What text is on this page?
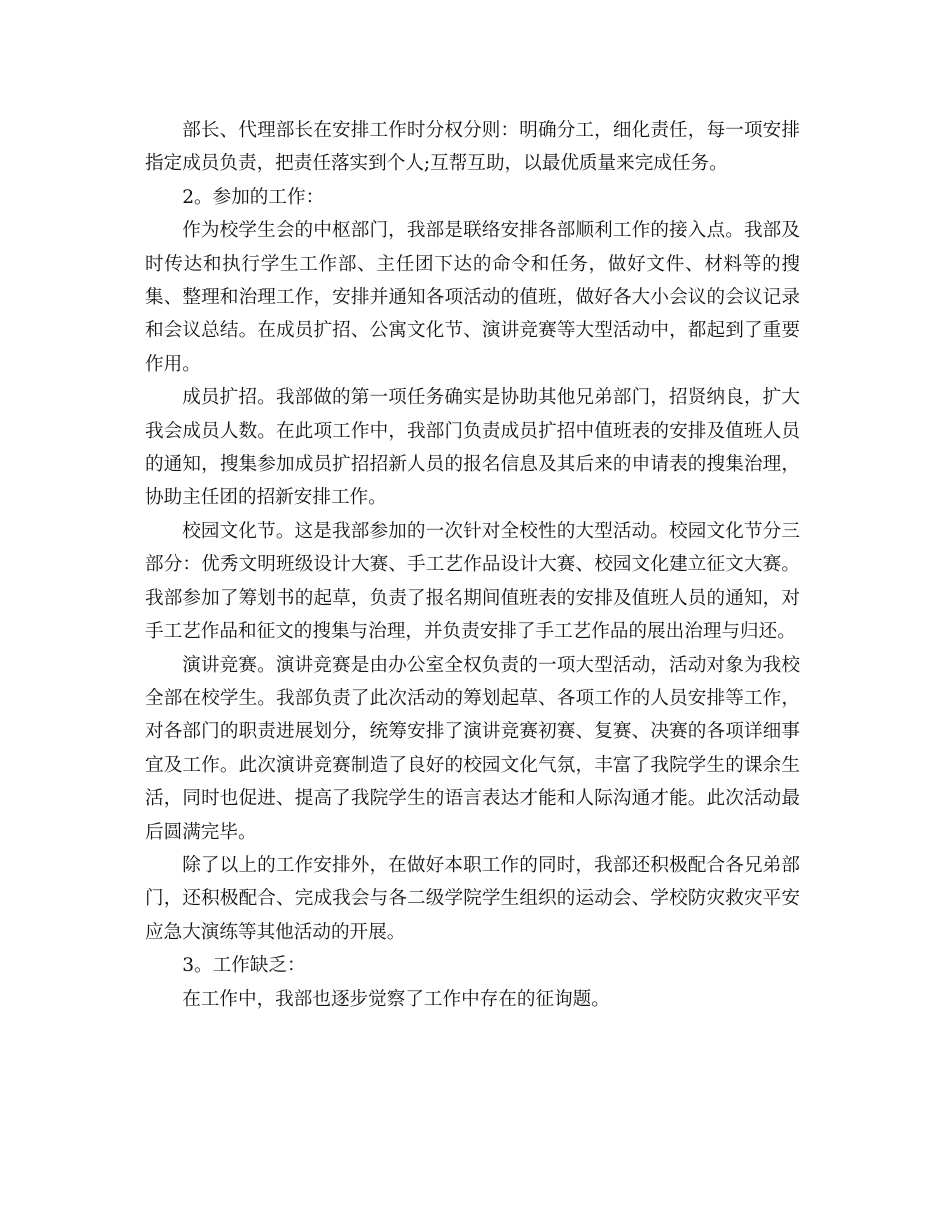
部长、代理部长在安排工作时分权分则：明确分工，细化责任，每一项安排指定成员负责，把责任落实到个人;互帮互助，以最优质量来完成任务。

2。参加的工作：

作为校学生会的中枢部门，我部是联络安排各部顺利工作的接入点。我部及时传达和执行学生工作部、主任团下达的命令和任务，做好文件、材料等的搜集、整理和治理工作，安排并通知各项活动的值班，做好各大小会议的会议记录和会议总结。在成员扩招、公寓文化节、演讲竞赛等大型活动中，都起到了重要作用。

成员扩招。我部做的第一项任务确实是协助其他兄弟部门，招贤纳良，扩大我会成员人数。在此项工作中，我部门负责成员扩招中值班表的安排及值班人员的通知，搜集参加成员扩招招新人员的报名信息及其后来的申请表的搜集治理，协助主任团的招新安排工作。

校园文化节。这是我部参加的一次针对全校性的大型活动。校园文化节分三部分：优秀文明班级设计大赛、手工艺作品设计大赛、校园文化建立征文大赛。我部参加了筹划书的起草，负责了报名期间值班表的安排及值班人员的通知，对手工艺作品和征文的搜集与治理，并负责安排了手工艺作品的展出治理与归还。

演讲竞赛。演讲竞赛是由办公室全权负责的一项大型活动，活动对象为我校全部在校学生。我部负责了此次活动的筹划起草、各项工作的人员安排等工作，对各部门的职责进展划分，统筹安排了演讲竞赛初赛、复赛、决赛的各项详细事宜及工作。此次演讲竞赛制造了良好的校园文化气氛，丰富了我院学生的课余生活，同时也促进、提高了我院学生的语言表达才能和人际沟通才能。此次活动最后圆满完毕。

除了以上的工作安排外，在做好本职工作的同时，我部还积极配合各兄弟部门，还积极配合、完成我会与各二级学院学生组织的运动会、学校防灾救灾平安应急大演练等其他活动的开展。

3。工作缺乏：

在工作中，我部也逐步觉察了工作中存在的征询题。
